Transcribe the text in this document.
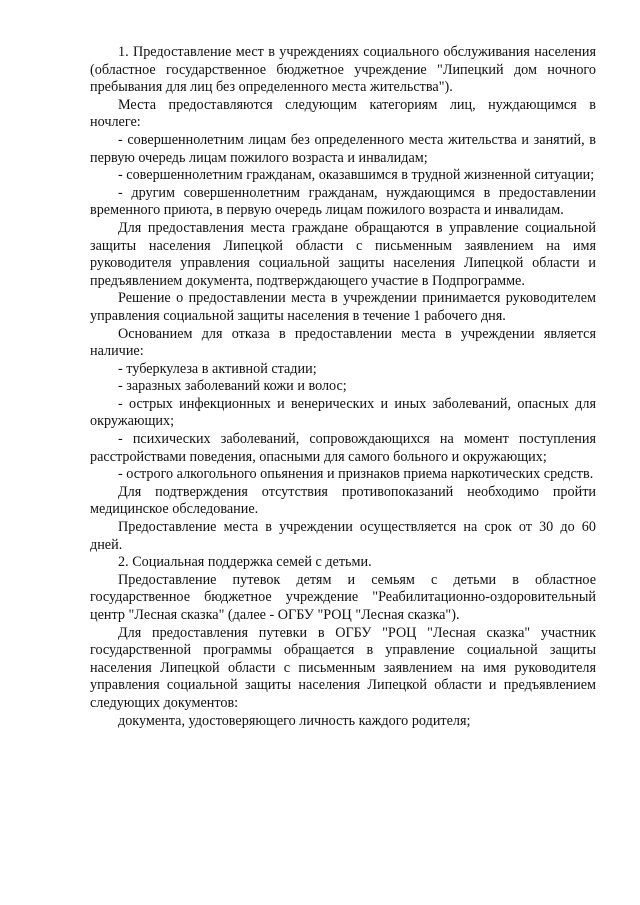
1. Предоставление мест в учреждениях социального обслуживания населения (областное государственное бюджетное учреждение "Липецкий дом ночного пребывания для лиц без определенного места жительства").

Места предоставляются следующим категориям лиц, нуждающимся в ночлеге:

- совершеннолетним лицам без определенного места жительства и занятий, в первую очередь лицам пожилого возраста и инвалидам;

- совершеннолетним гражданам, оказавшимся в трудной жизненной ситуации;

- другим совершеннолетним гражданам, нуждающимся в предоставлении временного приюта, в первую очередь лицам пожилого возраста и инвалидам.

Для предоставления места граждане обращаются в управление социальной защиты населения Липецкой области с письменным заявлением на имя руководителя управления социальной защиты населения Липецкой области и предъявлением документа, подтверждающего участие в Подпрограмме.

Решение о предоставлении места в учреждении принимается руководителем управления социальной защиты населения в течение 1 рабочего дня.

Основанием для отказа в предоставлении места в учреждении является наличие:

- туберкулеза в активной стадии;

- заразных заболеваний кожи и волос;

- острых инфекционных и венерических и иных заболеваний, опасных для окружающих;

- психических заболеваний, сопровождающихся на момент поступления расстройствами поведения, опасными для самого больного и окружающих;

- острого алкогольного опьянения и признаков приема наркотических средств.

Для подтверждения отсутствия противопоказаний необходимо пройти медицинское обследование.

Предоставление места в учреждении осуществляется на срок от 30 до 60 дней.

2. Социальная поддержка семей с детьми.

Предоставление путевок детям и семьям с детьми в областное государственное бюджетное учреждение "Реабилитационно-оздоровительный центр "Лесная сказка" (далее - ОГБУ "РОЦ "Лесная сказка").

Для предоставления путевки в ОГБУ "РОЦ "Лесная сказка" участник государственной программы обращается в управление социальной защиты населения Липецкой области с письменным заявлением на имя руководителя управления социальной защиты населения Липецкой области и предъявлением следующих документов:

документа, удостоверяющего личность каждого родителя;
